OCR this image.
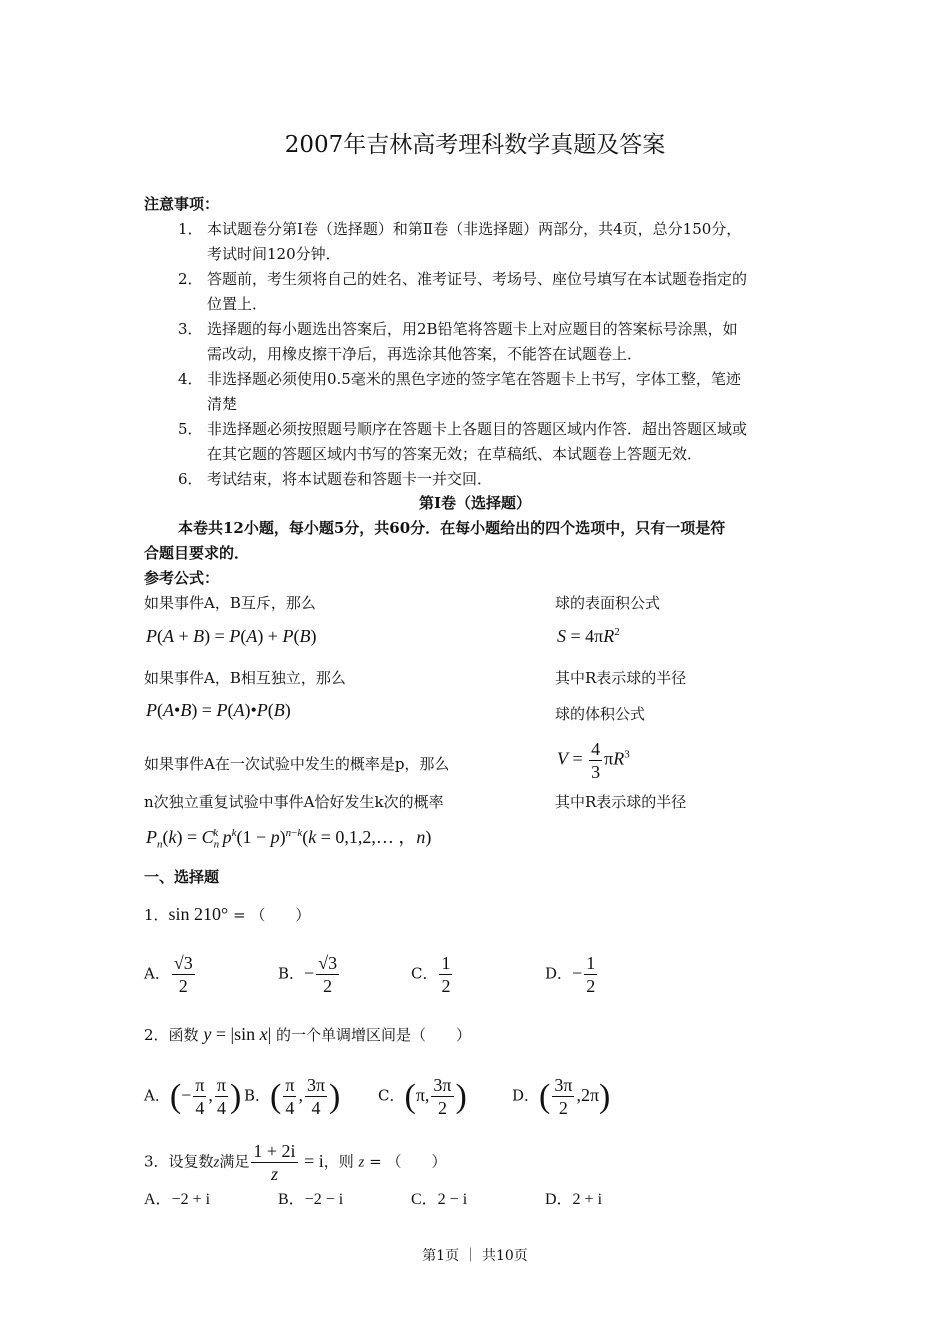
2007年吉林高考理科数学真题及答案
注意事项：
1． 本试题卷分第Ⅰ卷（选择题）和第Ⅱ卷（非选择题）两部分，共4页，总分150分，
考试时间120分钟．
2． 答题前，考生须将自己的姓名、准考证号、考场号、座位号填写在本试题卷指定的
位置上．
3． 选择题的每小题选出答案后，用2B铅笔将答题卡上对应题目的答案标号涂黑，如
需改动，用橡皮擦干净后，再选涂其他答案，不能答在试题卷上．
4． 非选择题必须使用0.5毫米的黑色字迹的签字笔在答题卡上书写，字体工整，笔迹
清楚
5． 非选择题必须按照题号顺序在答题卡上各题目的答题区域内作答．超出答题区域或
在其它题的答题区域内书写的答案无效；在草稿纸、本试题卷上答题无效．
6． 考试结束，将本试题卷和答题卡一并交回．
第Ⅰ卷（选择题）
本卷共12小题，每小题5分，共60分．在每小题给出的四个选项中，只有一项是符
合题目要求的．
参考公式：
如果事件A，B互斥，那么
P(A + B) = P(A) + P(B)
如果事件A，B相互独立，那么
P(A•B) = P(A)•P(B)
如果事件A在一次试验中发生的概率是p，那么
n次独立重复试验中事件A恰好发生k次的概率
$P_n(k) = C_n^k$ $p^k(1 - p)^{n-k}(k$ = 0,1,2,… ，n)
球的表面积公式
$S = 4\pi R^2$
其中R表示球的半径
球的体积公式
$V = \frac{4}{3} \pi R^3$
其中R表示球的半径
一、选择题
1．sin 210° = （　　）
A． $\frac{√3}{2}$	B．− $\frac{√3}{2}$	C． $\frac{1}{2}$	D．− $\frac{1}{2}$
2．函数 y = |sin x| 的一个单调增区间是（　　）
A．(− $\frac{\pi}{4}$ , $\frac{\pi}{4}$ ) B．( $\frac{\pi}{4}$ , $\frac{3\pi}{4}$ )	C．(π, $\frac{3\pi}{2}$ )	D．( $\frac{3\pi}{2} ,2\pi$)
3．设复数z满足 $\frac{1 + 2i}{z} = i$，则 z = （　　）
A．−2 + i	B．−2 − i	C．2 − i	D．2 + i
第1页 ｜ 共10页
